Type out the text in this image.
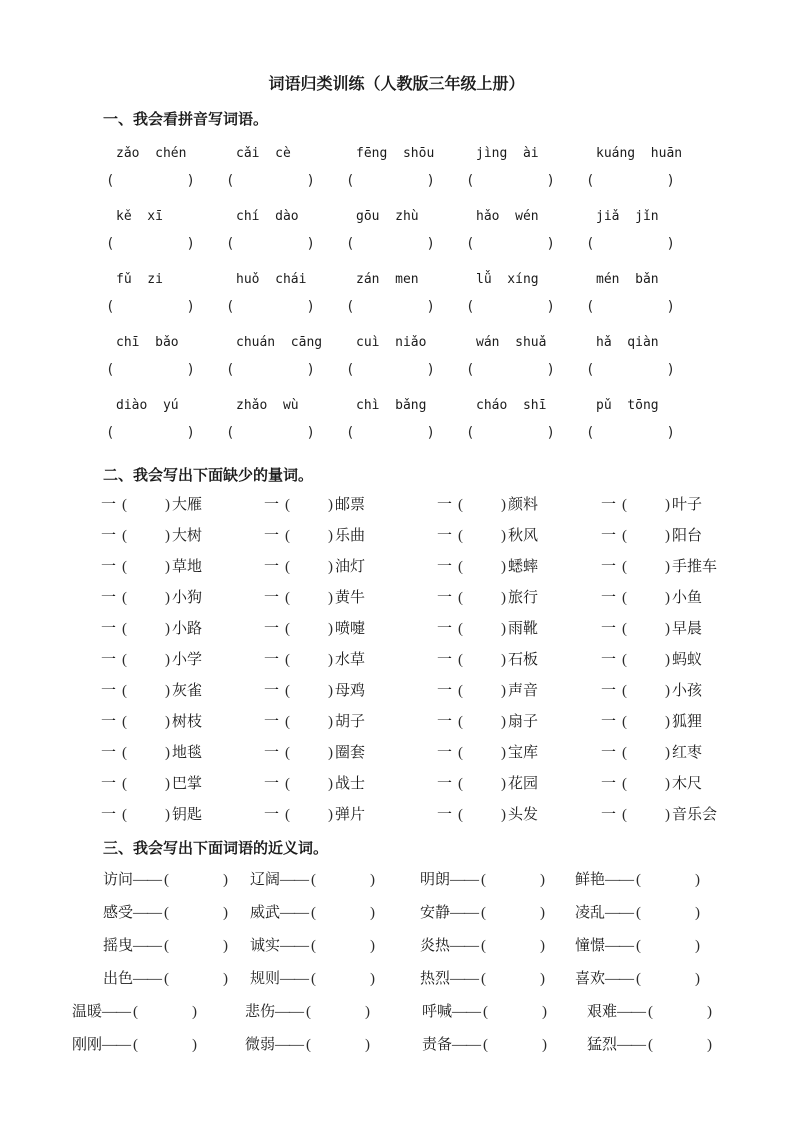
词语归类训练（人教版三年级上册）
一、我会看拼音写词语。
zǎo  chén	cǎi  cè	fēng  shōu	jìng  ài	kuáng  huān
(	)	(	)	(	)	(	)	(	)
kě  xī	chí  dào	gōu  zhù	hǎo  wén	jiǎ  jǐn
(	)	(	)	(	)	(	)	(	)
fǔ  zi	huǒ  chái	zán  men	lǚ  xíng	mén  bǎn
(	)	(	)	(	)	(	)	(	)
chī  bǎo	chuán  cāng	cuì  niǎo	wán  shuǎ	hǎ  qiàn
(	)	(	)	(	)	(	)	(	)
diào  yú	zhǎo  wù	chì  bǎng	cháo  shī	pǔ  tōng
(	)	(	)	(	)	(	)	(	)
二、我会写出下面缺少的量词。
一 (	) 大雁	一 (	) 邮票	一 (	) 颜料	一 (	) 叶子
一 (	) 大树	一 (	) 乐曲	一 (	) 秋风	一 (	) 阳台
一 (	) 草地	一 (	) 油灯	一 (	) 蟋蟀	一 (	) 手推车
一 (	) 小狗	一 (	) 黄牛	一 (	) 旅行	一 (	) 小鱼
一 (	) 小路	一 (	) 喷嚏	一 (	) 雨靴	一 (	) 早晨
一 (	) 小学	一 (	) 水草	一 (	) 石板	一 (	) 蚂蚁
一 (	) 灰雀	一 (	) 母鸡	一 (	) 声音	一 (	) 小孩
一 (	) 树枝	一 (	) 胡子	一 (	) 扇子	一 (	) 狐狸
一 (	) 地毯	一 (	) 圈套	一 (	) 宝库	一 (	) 红枣
一 (	) 巴掌	一 (	) 战士	一 (	) 花园	一 (	) 木尺
一 (	) 钥匙	一 (	) 弹片	一 (	) 头发	一 (	) 音乐会
三、我会写出下面词语的近义词。
访问—— (	)	辽阔—— (	)	明朗—— (	)	鲜艳—— (	)
感受—— (	)	威武—— (	)	安静—— (	)	凌乱—— (	)
摇曳—— (	)	诚实—— (	)	炎热—— (	)	憧憬—— (	)
出色—— (	)	规则—— (	)	热烈—— (	)	喜欢—— (	)
温暖—— (	)	悲伤—— (	)	呼喊—— (	)	艰难—— (	)
刚刚—— (	)	微弱—— (	)	责备—— (	)	猛烈—— (	)
